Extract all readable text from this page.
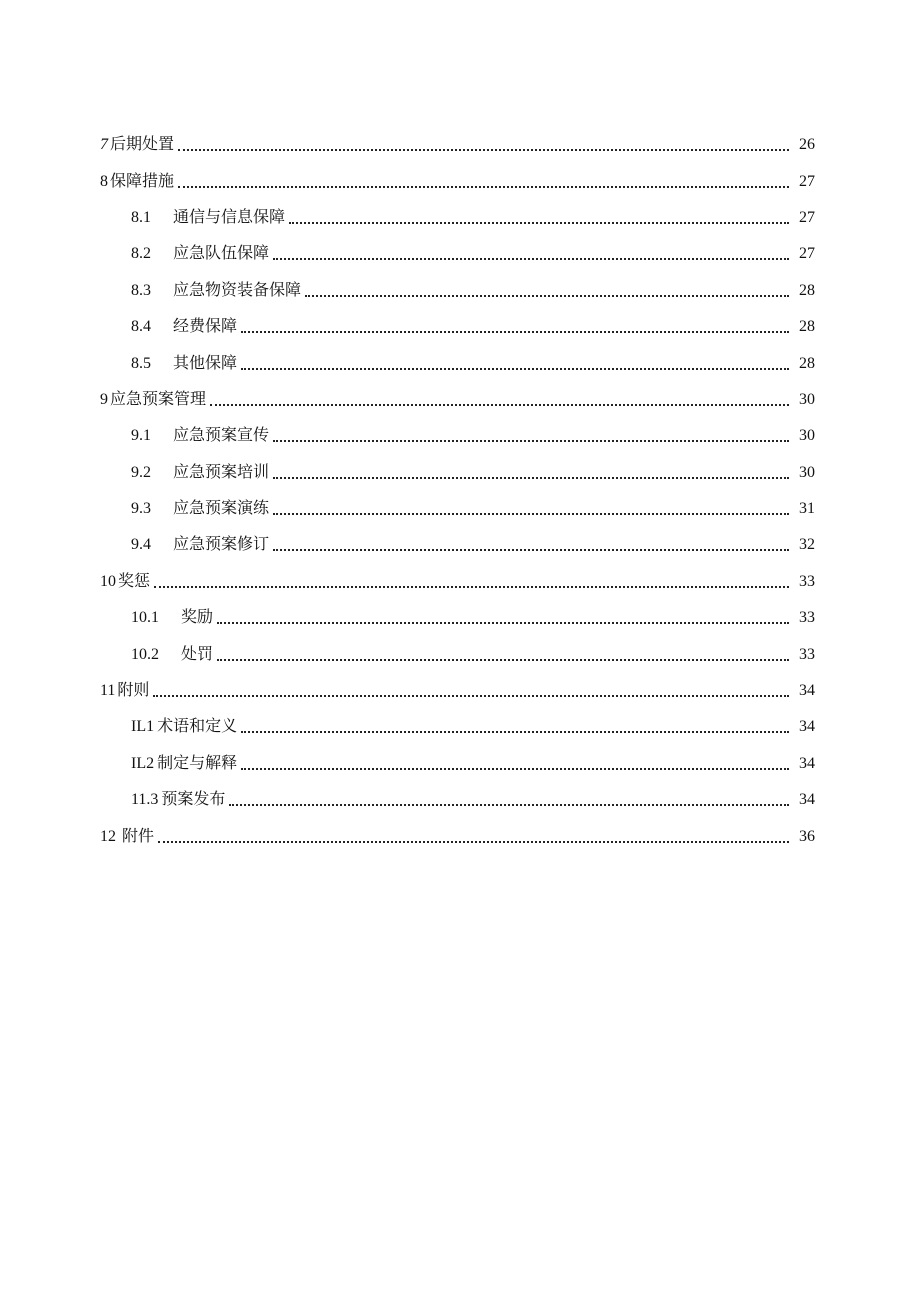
7 后期处置	26
8 保障措施	27
8.1	通信与信息保障	27
8.2	应急队伍保障	27
8.3	应急物资装备保障	28
8.4	经费保障	28
8.5	其他保障	28
9 应急预案管理	30
9.1	应急预案宣传	30
9.2	应急预案培训	30
9.3	应急预案演练	31
9.4	应急预案修订	32
10 奖惩	33
10.1	奖励	33
10.2	处罚	33
11 附则	34
IL1 术语和定义	34
IL2 制定与解释	34
11.3 预案发布	34
12 附件	36
